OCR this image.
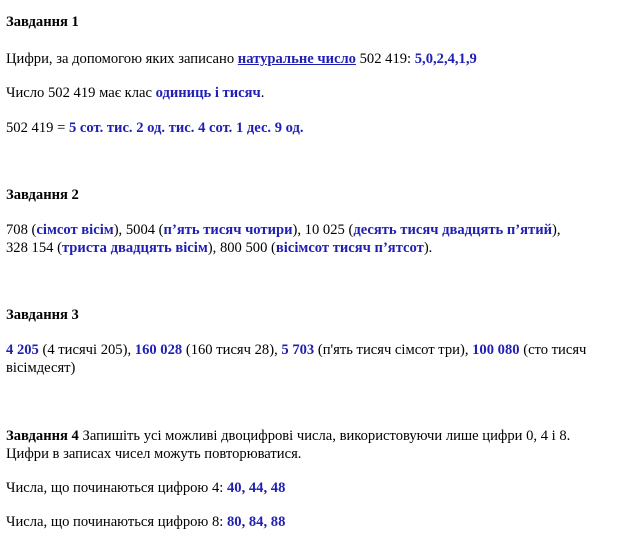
Завдання 1

Цифри, за допомогою яких записано натуральне число 502 419: 5,0,2,4,1,9

Число 502 419 має клас одиниць і тисяч.

502 419 = 5 сот. тис. 2 од. тис. 4 сот. 1 дес. 9 од.

Завдання 2

708 (сімсот вісім), 5004 (п’ять тисяч чотири), 10 025 (десять тисяч двадцять п’ятий), 328 154 (триста двадцять вісім), 800 500 (вісімсот тисяч п’ятсот).

Завдання 3

4 205 (4 тисячі 205), 160 028 (160 тисяч 28), 5 703 (п'ять тисяч сімсот три), 100 080 (сто тисяч вісімдесят)

Завдання 4 Запишіть усі можливі двоцифрові числа, використовуючи лише цифри 0, 4 і 8. Цифри в записах чисел можуть повторюватися.

Числа, що починаються цифрою 4: 40, 44, 48

Числа, що починаються цифрою 8: 80, 84, 88
